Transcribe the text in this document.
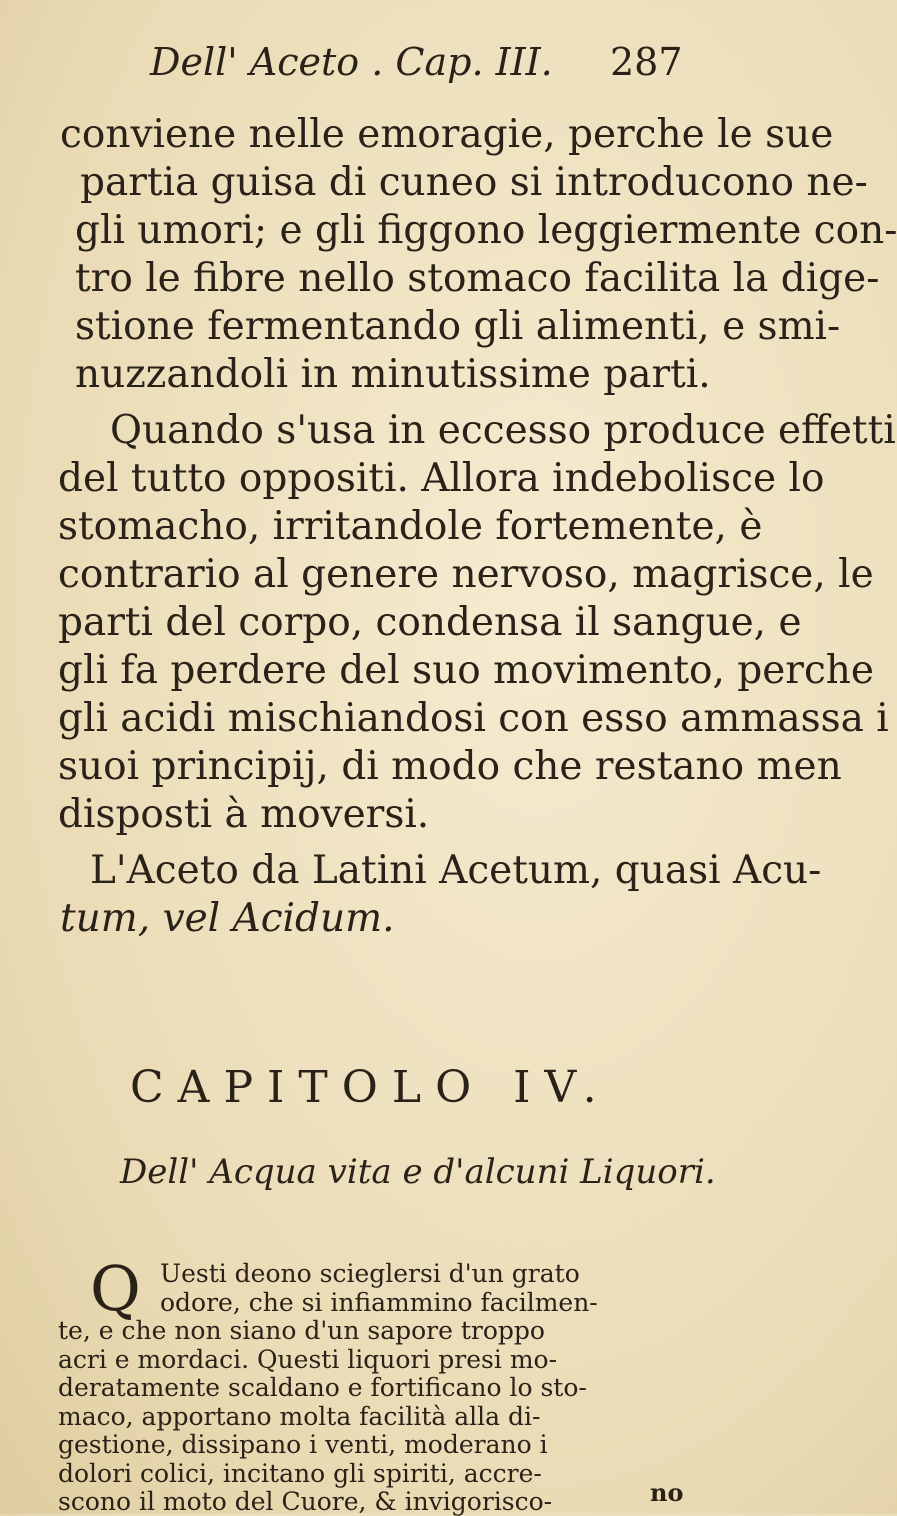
Dell' Aceto . Cap. III. 287
conviene nelle emoragie, perche le sue
partia guisa di cuneo si introducono ne-
gli umori; e gli figgono leggiermente con-
tro le fibre nello stomaco facilita la dige-
stione fermentando gli alimenti, e smi-
nuzzandoli in minutissime parti.
Quando s'usa in eccesso produce effetti
del tutto oppositi. Allora indebolisce lo
stomacho, irritandole fortemente, è
contrario al genere nervoso, magrisce, le
parti del corpo, condensa il sangue, e
gli fa perdere del suo movimento, perche
gli acidi mischiandosi con esso ammassa i
suoi principij, di modo che restano men
disposti à moversi.
L'Aceto da Latini Acetum, quasi Acu-
tum, vel Acidum.
CAPITOLO IV.
Dell' Acqua vita e d'alcuni Liquori.
Q Uesti deono scieglersi d'un grato
odore, che si infiammino facilmen-
te, e che non siano d'un sapore troppo
acri e mordaci. Questi liquori presi mo-
deratamente scaldano e fortificano lo sto-
maco, apportano molta facilità alla di-
gestione, dissipano i venti, moderano i
dolori colici, incitano gli spiriti, accre-
scono il moto del Cuore, & invigorisco-	no
